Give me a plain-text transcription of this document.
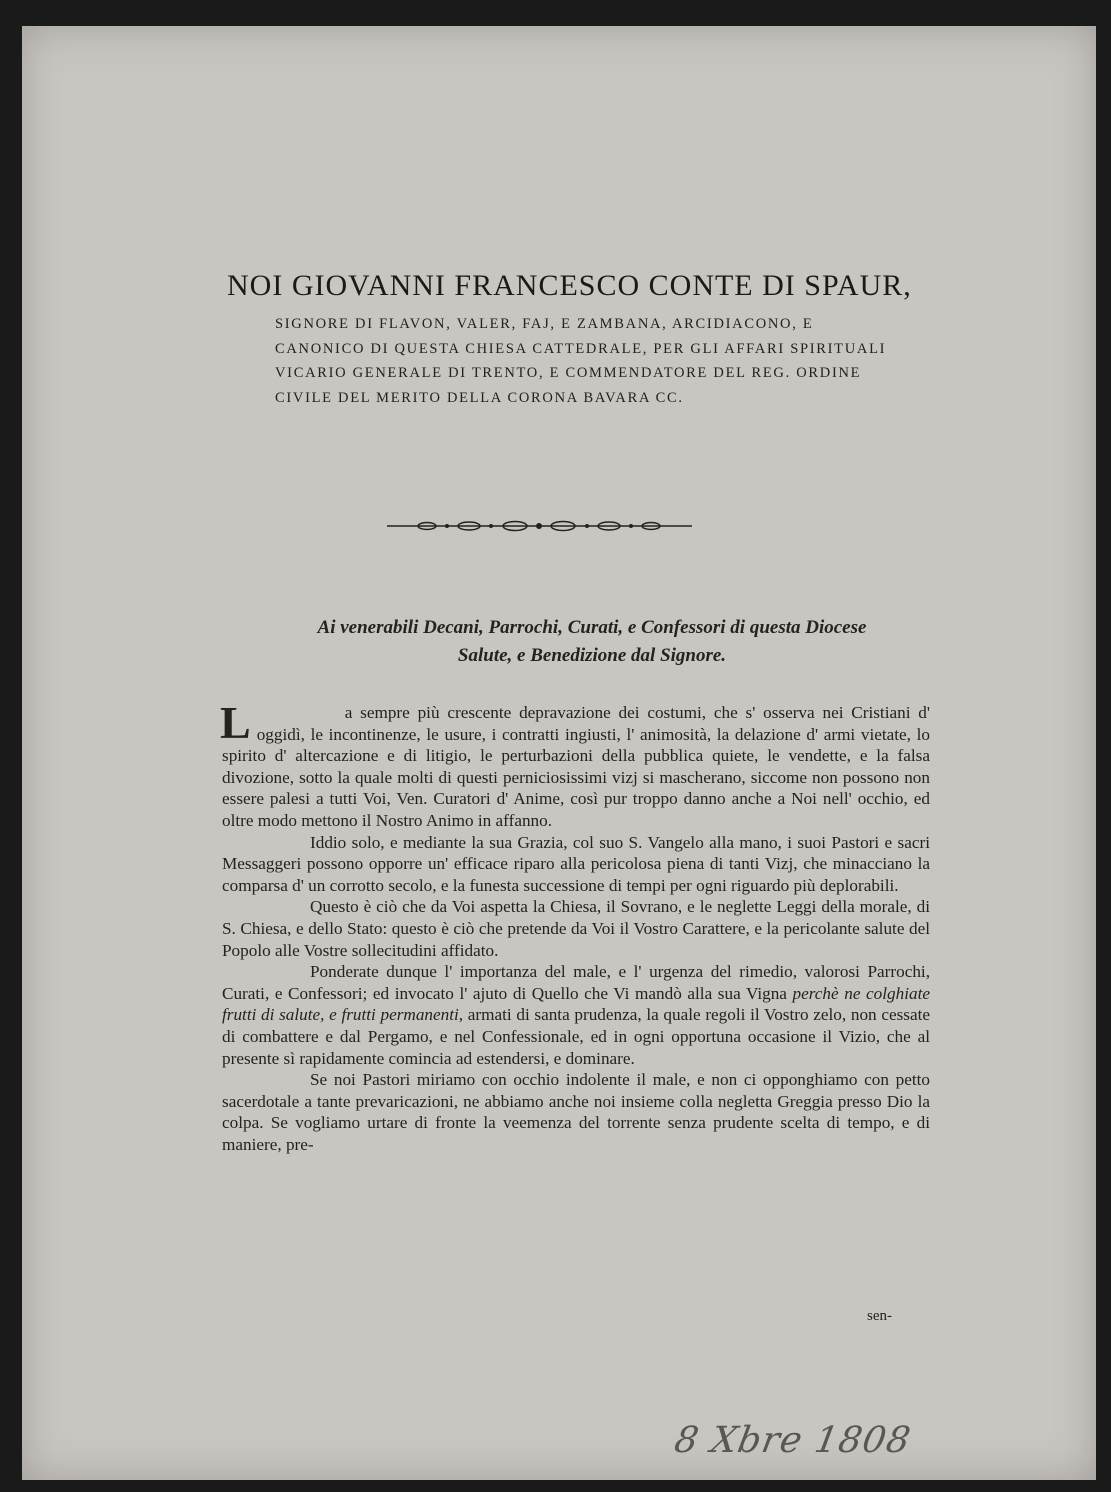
NOI GIOVANNI FRANCESCO CONTE DI SPAUR,
SIGNORE DI FLAVON, VALER, FAJ, E ZAMBANA, ARCIDIACONO, E
CANONICO DI QUESTA CHIESA CATTEDRALE, PER GLI AFFARI SPIRITUALI
VICARIO GENERALE DI TRENTO, E COMMENDATORE DEL REG. ORDINE
CIVILE DEL MERITO DELLA CORONA BAVARA CC.
Ai venerabili Decani, Parrochi, Curati, e Confessori di questa Diocese
Salute, e Benedizione dal Signore.

L	a sempre più crescente depravazione dei costumi, che s' osserva nei Cristiani d' oggidì, le incontinenze, le usure, i contratti ingiusti, l' animosità, la delazione d' armi vietate, lo spirito d' altercazione e di litigio, le perturbazioni della pubblica quiete, le vendette, e la falsa divozione, sotto la quale molti di questi perniciosissimi vizj si mascherano, siccome non possono non essere palesi a tutti Voi, Ven. Curatori d' Anime, così pur troppo danno anche a Noi nell' occhio, ed oltre modo mettono il Nostro Animo in affanno.

Iddio solo, e mediante la sua Grazia, col suo S. Vangelo alla mano, i suoi Pastori e sacri Messaggeri possono opporre un' efficace riparo alla pericolosa piena di tanti Vizj, che minacciano la comparsa d' un corrotto secolo, e la funesta successione di tempi per ogni riguardo più deplorabili.

Questo è ciò che da Voi aspetta la Chiesa, il Sovrano, e le neglette Leggi della morale, di S. Chiesa, e dello Stato: questo è ciò che pretende da Voi il Vostro Carattere, e la pericolante salute del Popolo alle Vostre sollecitudini affidato.

Ponderate dunque l' importanza del male, e l' urgenza del rimedio, valorosi Parrochi, Curati, e Confessori; ed invocato l' ajuto di Quello che Vi mandò alla sua Vigna perchè ne colghiate frutti di salute, e frutti permanenti, armati di santa prudenza, la quale regoli il Vostro zelo, non cessate di combattere e dal Pergamo, e nel Confessionale, ed in ogni opportuna occasione il Vizio, che al presente sì rapidamente comincia ad estendersi, e dominare.

Se noi Pastori miriamo con occhio indolente il male, e non ci opponghiamo con petto sacerdotale a tante prevaricazioni, ne abbiamo anche noi insieme colla negletta Greggia presso Dio la colpa. Se vogliamo urtare di fronte la veemenza del torrente senza prudente scelta di tempo, e di maniere, pre-

sen-
8 Xbre 1808
